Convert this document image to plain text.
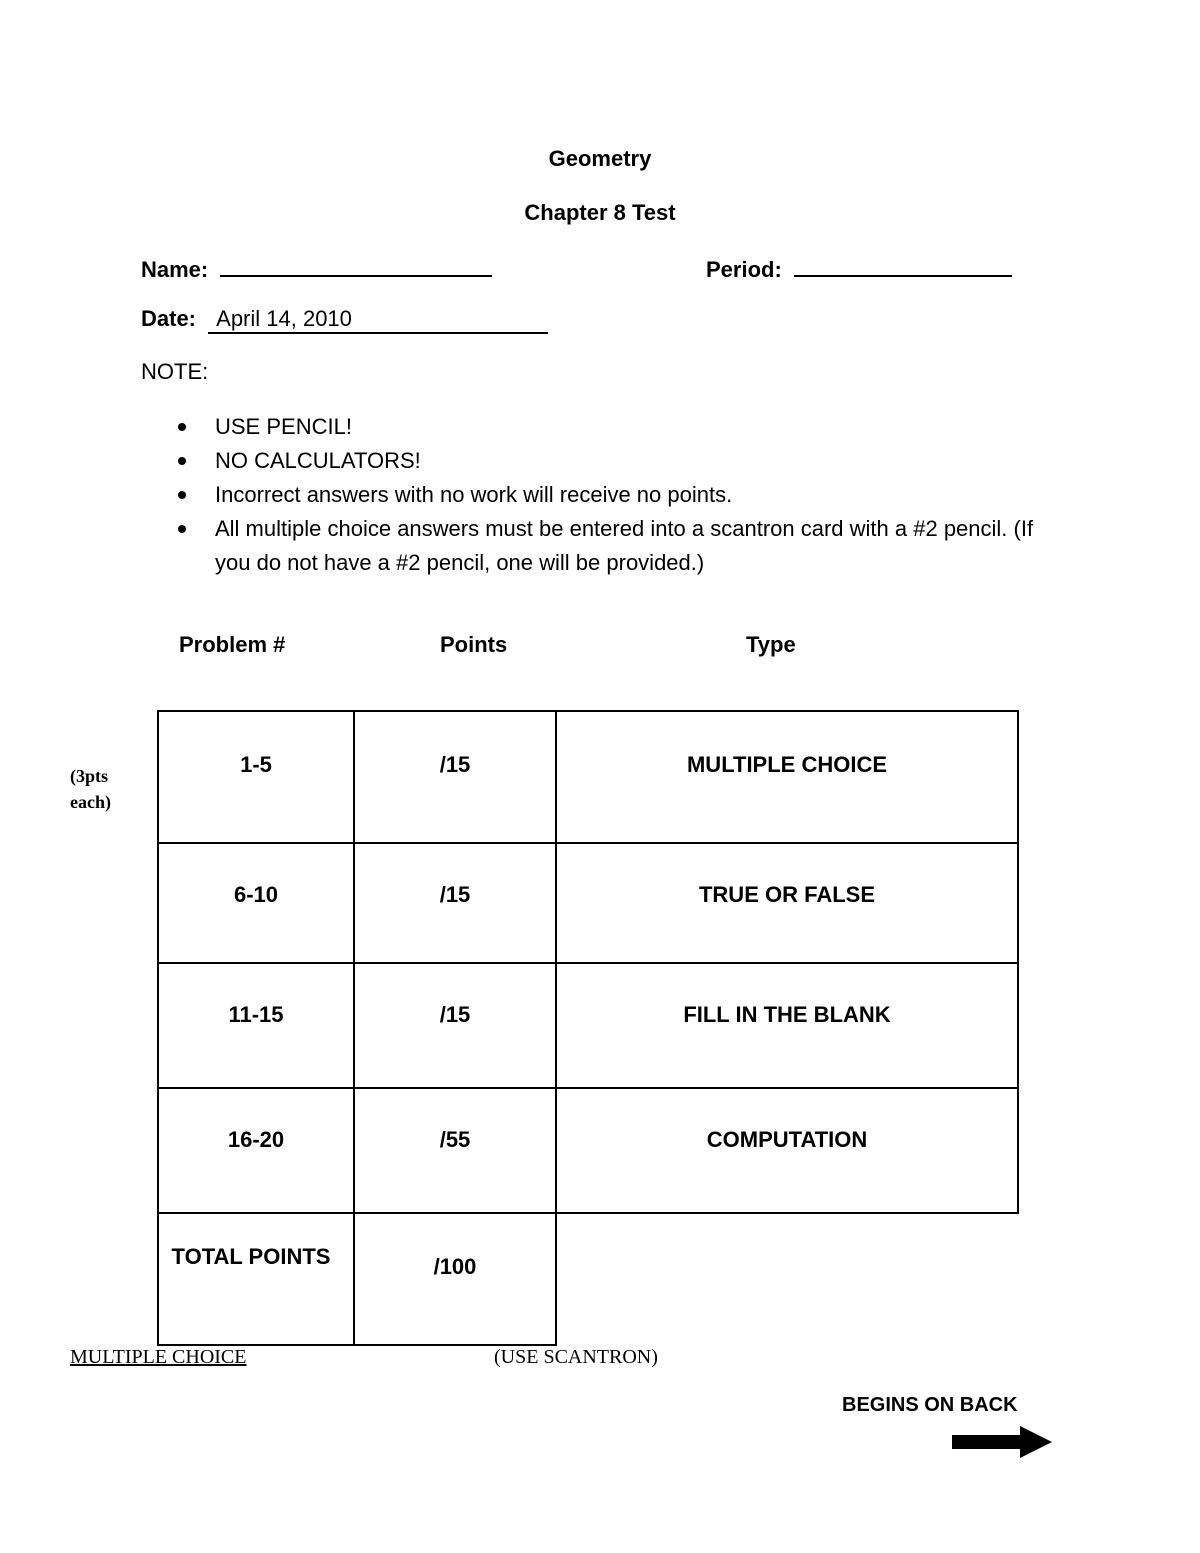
Geometry
Chapter 8 Test
Name:	Period:
Date: April 14, 2010
NOTE:
USE PENCIL!
NO CALCULATORS!
Incorrect answers with no work will receive no points.
All multiple choice answers must be entered into a scantron card with a #2 pencil. (If you do not have a #2 pencil, one will be provided.)
Problem #	Points	Type
(3pts each)
1-5	/15	MULTIPLE CHOICE

6-10	/15	TRUE OR FALSE

11-15	/15	FILL IN THE BLANK

16-20	/55	COMPUTATION

TOTAL POINTS	/100	

MULTIPLE CHOICE	(USE SCANTRON)
BEGINS ON BACK
